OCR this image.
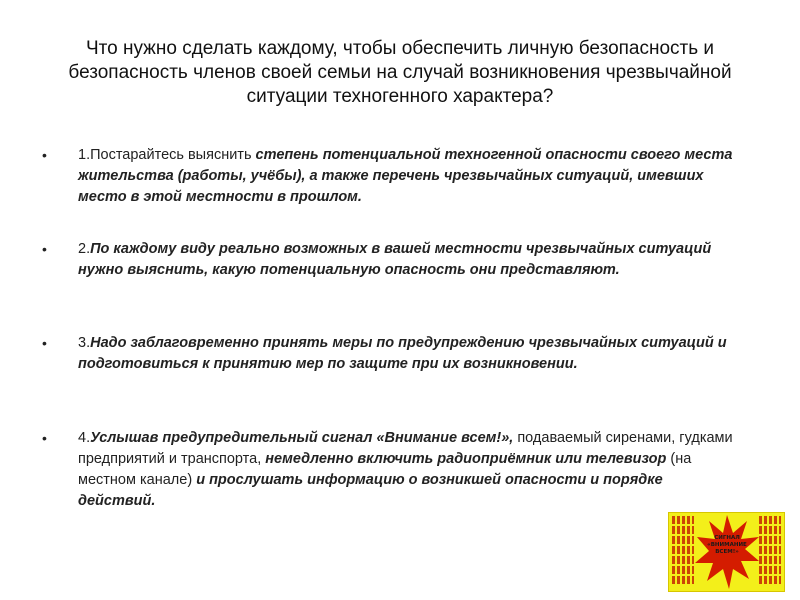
Что нужно сделать каждому, чтобы обеспечить личную безопасность и безопасность членов своей семьи на случай возникновения чрезвычайной ситуации техногенного характера?
• 1.Постарайтесь выяснить степень потенциальной техногенной опасности своего места жительства (работы, учёбы), а также перечень чрезвычайных ситуаций, имевших место в этой местности в прошлом.
• 2.По каждому виду реально возможных в вашей местности чрезвычайных ситуаций нужно выяснить, какую потенциальную опасность они представляют.
• 3.Надо заблаговременно принять меры по предупреждению чрезвычайных ситуаций и подготовиться к принятию мер по защите при их возникновении.
• 4.Услышав предупредительный сигнал «Внимание всем!», подаваемый сиренами, гудками предприятий и транспорта, немедленно включить радиоприёмник или телевизор (на местном канале) и прослушать информацию о возникшей опасности и порядке действий.
СИГНАЛ «ВНИМАНИЕ ВСЕМ!»
